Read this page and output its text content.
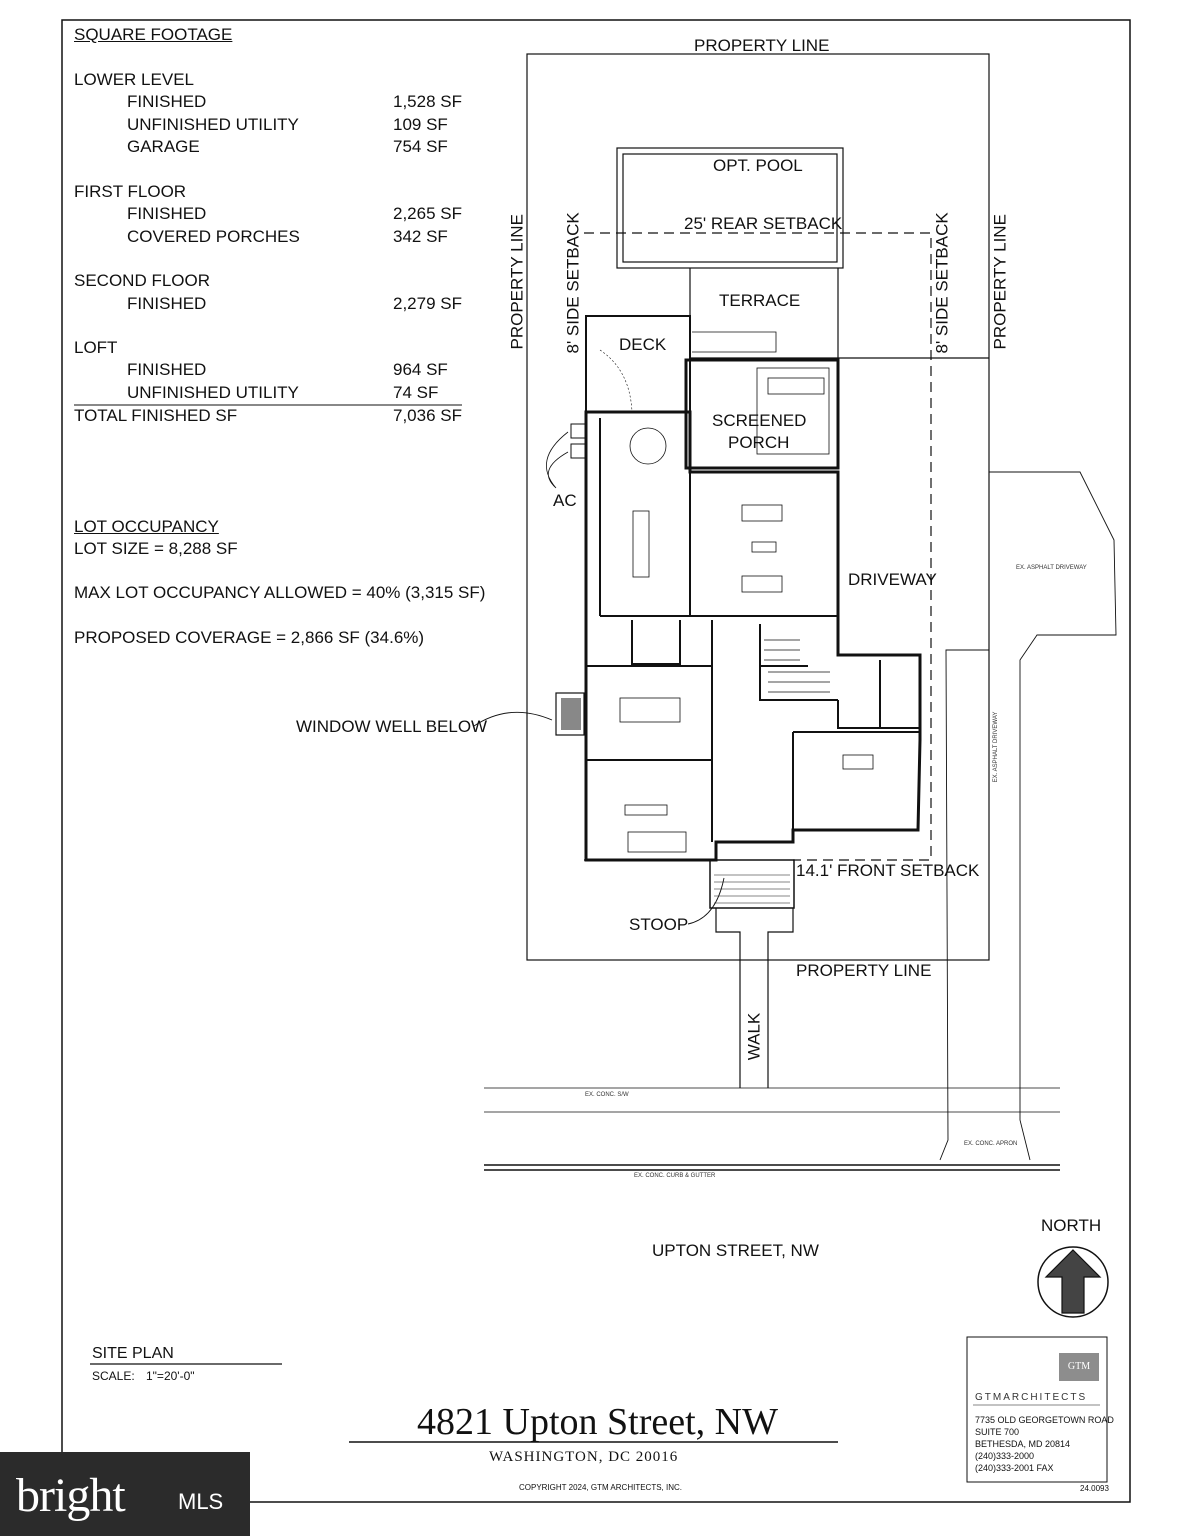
SQUARE FOOTAGE
LOWER LEVEL
FINISHED	1,528 SF
UNFINISHED UTILITY	109 SF
GARAGE	754 SF
FIRST FLOOR
FINISHED	2,265 SF
COVERED PORCHES	342 SF
SECOND FLOOR
FINISHED	2,279 SF
LOFT
FINISHED	964 SF
UNFINISHED UTILITY	74 SF
TOTAL FINISHED SF	7,036 SF
LOT OCCUPANCY
LOT SIZE = 8,288 SF
MAX LOT OCCUPANCY ALLOWED = 40% (3,315 SF)
PROPOSED COVERAGE = 2,866 SF (34.6%)
PROPERTY LINE
OPT. POOL
25' REAR SETBACK
TERRACE
DECK
SCREENED
PORCH
AC
DRIVEWAY
WINDOW WELL BELOW
14.1' FRONT SETBACK
STOOP
PROPERTY LINE
UPTON STREET, NW
NORTH
PROPERTY LINE 8' SIDE SETBACK	8' SIDE SETBACK PROPERTY LINE
WALK
EX. ASPHALT DRIVEWAY
EX. ASPHALT DRIVEWAY
EX. CONC. S/W
EX. CONC. APRON
EX. CONC. CURB & GUTTER
SITE PLAN
SCALE: 1"=20'-0"
4821 Upton Street, NW
WASHINGTON, DC 20016
COPYRIGHT 2024, GTM ARCHITECTS, INC.
GTM
GTMARCHITECTS
7735 OLD GEORGETOWN ROAD
SUITE 700
BETHESDA, MD 20814
(240)333-2000
(240)333-2001 FAX
24.0093
bright MLS
